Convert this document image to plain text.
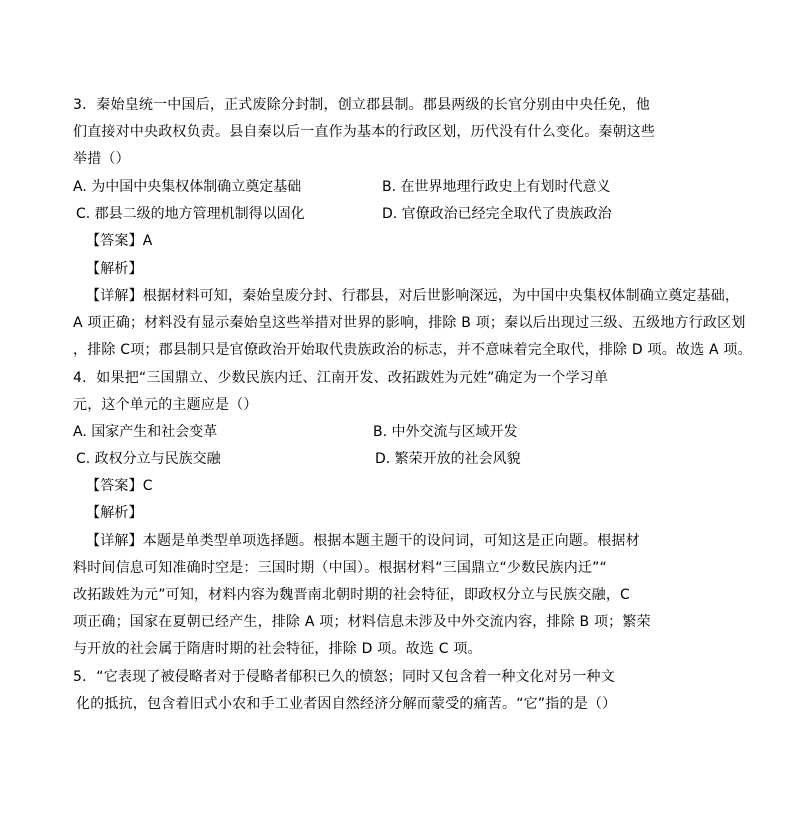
3．秦始皇统一中国后，正式废除分封制，创立郡县制。郡县两级的长官分别由中央任免，他
们直接对中央政权负责。县自秦以后一直作为基本的行政区划，历代没有什么变化。秦朝这些
举措（）
A. 为中国中央集权体制确立奠定基础	B. 在世界地理行政史上有划时代意义
C. 郡县二级的地方管理机制得以固化	D. 官僚政治已经完全取代了贵族政治
【答案】A
【解析】
【详解】根据材料可知，秦始皇废分封、行郡县，对后世影响深远，为中国中央集权体制确立奠定基础，
A 项正确；材料没有显示秦始皇这些举措对世界的影响，排除 B 项；秦以后出现过三级、五级地方行政区划
，排除 C项；郡县制只是官僚政治开始取代贵族政治的标志，并不意味着完全取代，排除 D 项。故选 A 项。
4．如果把“三国鼎立、少数民族内迁、江南开发、改拓跋姓为元姓”确定为一个学习单
元，这个单元的主题应是（）
A. 国家产生和社会变革	B. 中外交流与区域开发
C. 政权分立与民族交融	D. 繁荣开放的社会风貌
【答案】C
【解析】
【详解】本题是单类型单项选择题。根据本题主题干的设问词，可知这是正向题。根据材
料时间信息可知准确时空是：三国时期（中国）。根据材料“三国鼎立“少数民族内迁”“
改拓跋姓为元”可知，材料内容为魏晋南北朝时期的社会特征，即政权分立与民族交融，C
项正确；国家在夏朝已经产生，排除 A 项；材料信息未涉及中外交流内容，排除 B 项；繁荣
与开放的社会属于隋唐时期的社会特征，排除 D 项。故选 C 项。
5．“它表现了被侵略者对于侵略者郁积已久的愤怒；同时又包含着一种文化对另一种文
化的抵抗，包含着旧式小农和手工业者因自然经济分解而蒙受的痛苦。“它”指的是（）
